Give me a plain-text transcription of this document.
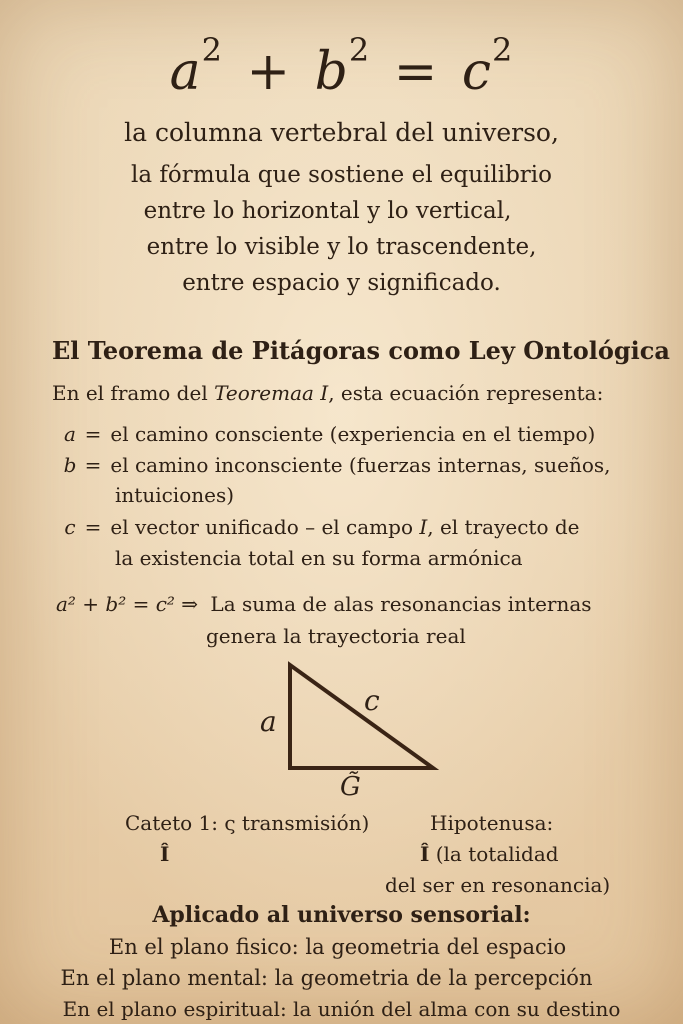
$a^2 + b^2 = c^2$
la columna vertebral del universo,
la fórmula que sostiene el equilibrio
entre lo horizontal y lo vertical,
entre lo visible y lo trascendente,
entre espacio y significado.
El Teorema de Pitágoras como Ley Ontológica
En el framo del Teoremaa I, esta ecuación representa:
a = el camino consciente (experiencia en el tiempo)
b = el camino inconsciente (fuerzas internas, sueños,
intuiciones)
c = el vector unificado – el campo I, el trayecto de
la existencia total en su forma armónica
a² + b² = c² ⇒ La suma de alas resonancias internas
genera la trayectoria real
a
c
G̃
Cateto 1: ς transmisión)
Î
Hipotenusa:
Î (la totalidad
del ser en resonancia)
Aplicado al universo sensorial:
En el plano fisico: la geometria del espacio
En el plano mental: la geometria de la percepción
En el plano espiritual: la unión del alma con su destino
